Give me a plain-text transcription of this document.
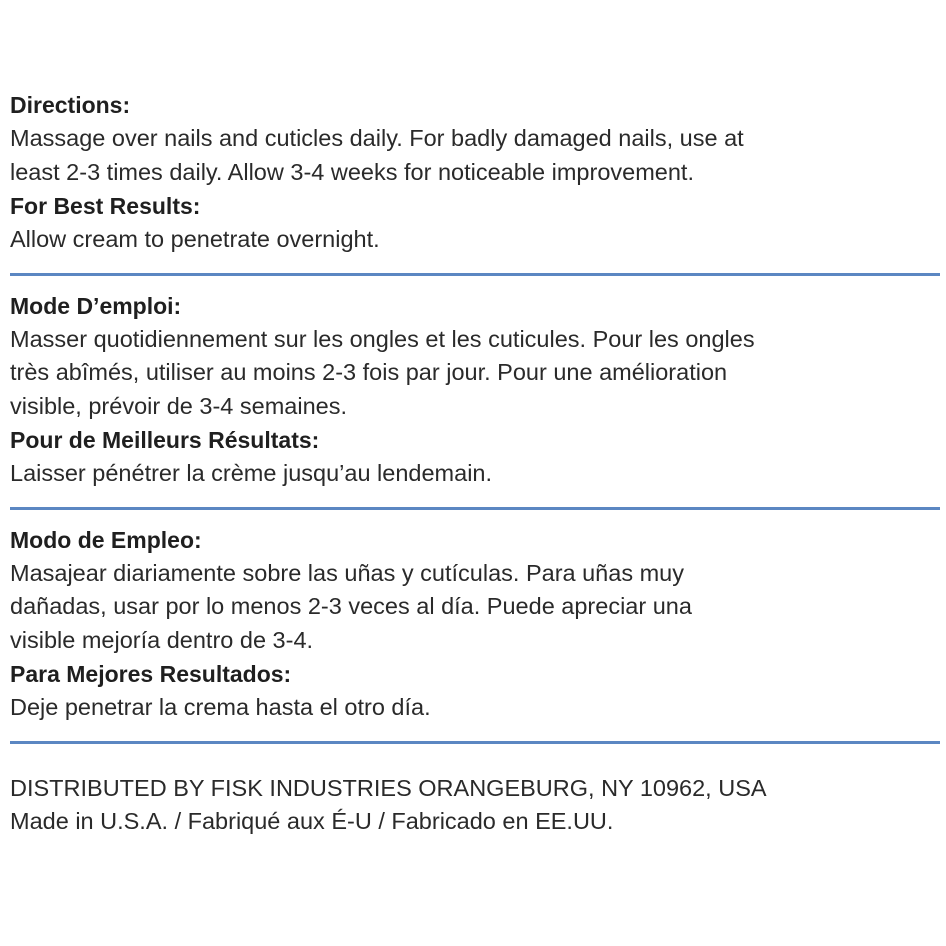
Directions:

Massage over nails and cuticles daily. For badly damaged nails, use at

least 2-3 times daily. Allow 3-4 weeks for noticeable improvement.

For Best Results:

Allow cream to penetrate overnight.

Mode D’emploi:

Masser quotidiennement sur les ongles et les cuticules. Pour les ongles

très abîmés, utiliser au moins 2-3 fois par jour. Pour une amélioration

visible, prévoir de 3-4 semaines.

Pour de Meilleurs Résultats:

Laisser pénétrer la crème jusqu’au lendemain.

Modo de Empleo:

Masajear diariamente sobre las uñas y cutículas. Para uñas muy

dañadas, usar por lo menos 2-3 veces al día. Puede apreciar una

visible mejoría dentro de 3-4.

Para Mejores Resultados:

Deje penetrar la crema hasta el otro día.

DISTRIBUTED BY FISK INDUSTRIES ORANGEBURG, NY 10962, USA

Made in U.S.A. / Fabriqué aux É-U / Fabricado en EE.UU.
